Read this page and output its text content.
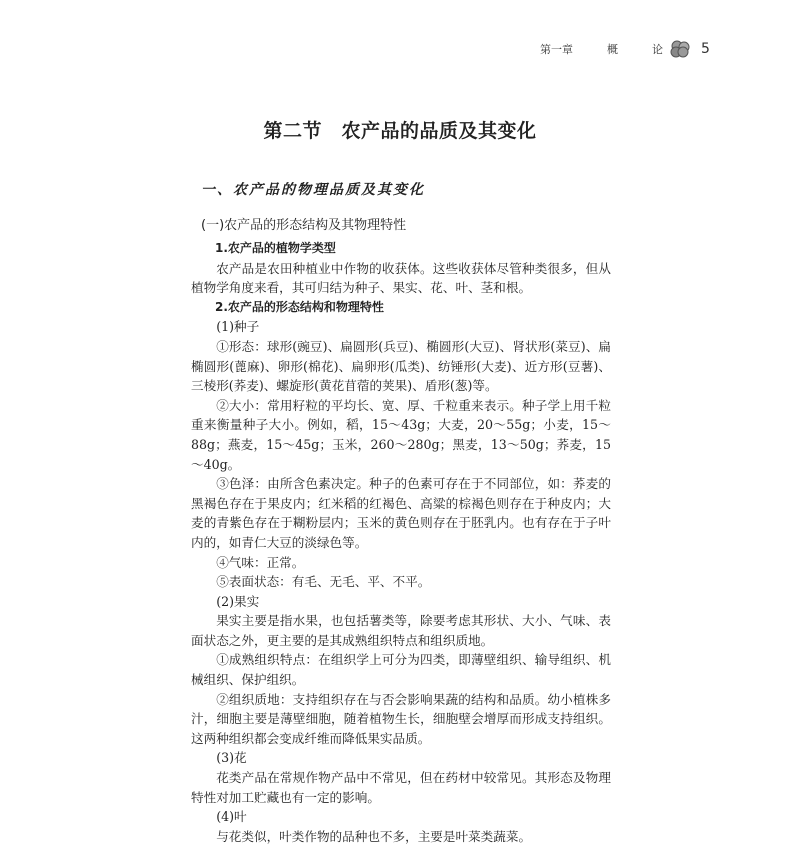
第一章	概	论	5
第二节　农产品的品质及其变化
一、农产品的物理品质及其变化
(一)农产品的形态结构及其物理特性

1.农产品的植物学类型

农产品是农田种植业中作物的收获体。这些收获体尽管种类很多，但从植物学角度来看，其可归结为种子、果实、花、叶、茎和根。

2.农产品的形态结构和物理特性

(1)种子

①形态：球形(豌豆)、扁圆形(兵豆)、椭圆形(大豆)、肾状形(菜豆)、扁椭圆形(蓖麻)、卵形(棉花)、扁卵形(瓜类)、纺锤形(大麦)、近方形(豆薯)、三棱形(荞麦)、螺旋形(黄花苜蓿的荚果)、盾形(葱)等。

②大小：常用籽粒的平均长、宽、厚、千粒重来表示。种子学上用千粒重来衡量种子大小。例如，稻，15～43g；大麦，20～55g；小麦，15～88g；燕麦，15～45g；玉米，260～280g；黑麦，13～50g；荞麦，15～40g。

③色泽：由所含色素决定。种子的色素可存在于不同部位，如：荞麦的黑褐色存在于果皮内；红米稻的红褐色、高粱的棕褐色则存在于种皮内；大麦的青紫色存在于糊粉层内；玉米的黄色则存在于胚乳内。也有存在于子叶内的，如青仁大豆的淡绿色等。

④气味：正常。

⑤表面状态：有毛、无毛、平、不平。

(2)果实

果实主要是指水果，也包括薯类等，除要考虑其形状、大小、气味、表面状态之外，更主要的是其成熟组织特点和组织质地。

①成熟组织特点：在组织学上可分为四类，即薄壁组织、输导组织、机械组织、保护组织。

②组织质地：支持组织存在与否会影响果蔬的结构和品质。幼小植株多汁，细胞主要是薄壁细胞，随着植物生长，细胞壁会增厚而形成支持组织。这两种组织都会变成纤维而降低果实品质。

(3)花

花类产品在常规作物产品中不常见，但在药材中较常见。其形态及物理特性对加工贮藏也有一定的影响。

(4)叶

与花类似，叶类作物的品种也不多，主要是叶菜类蔬菜。
